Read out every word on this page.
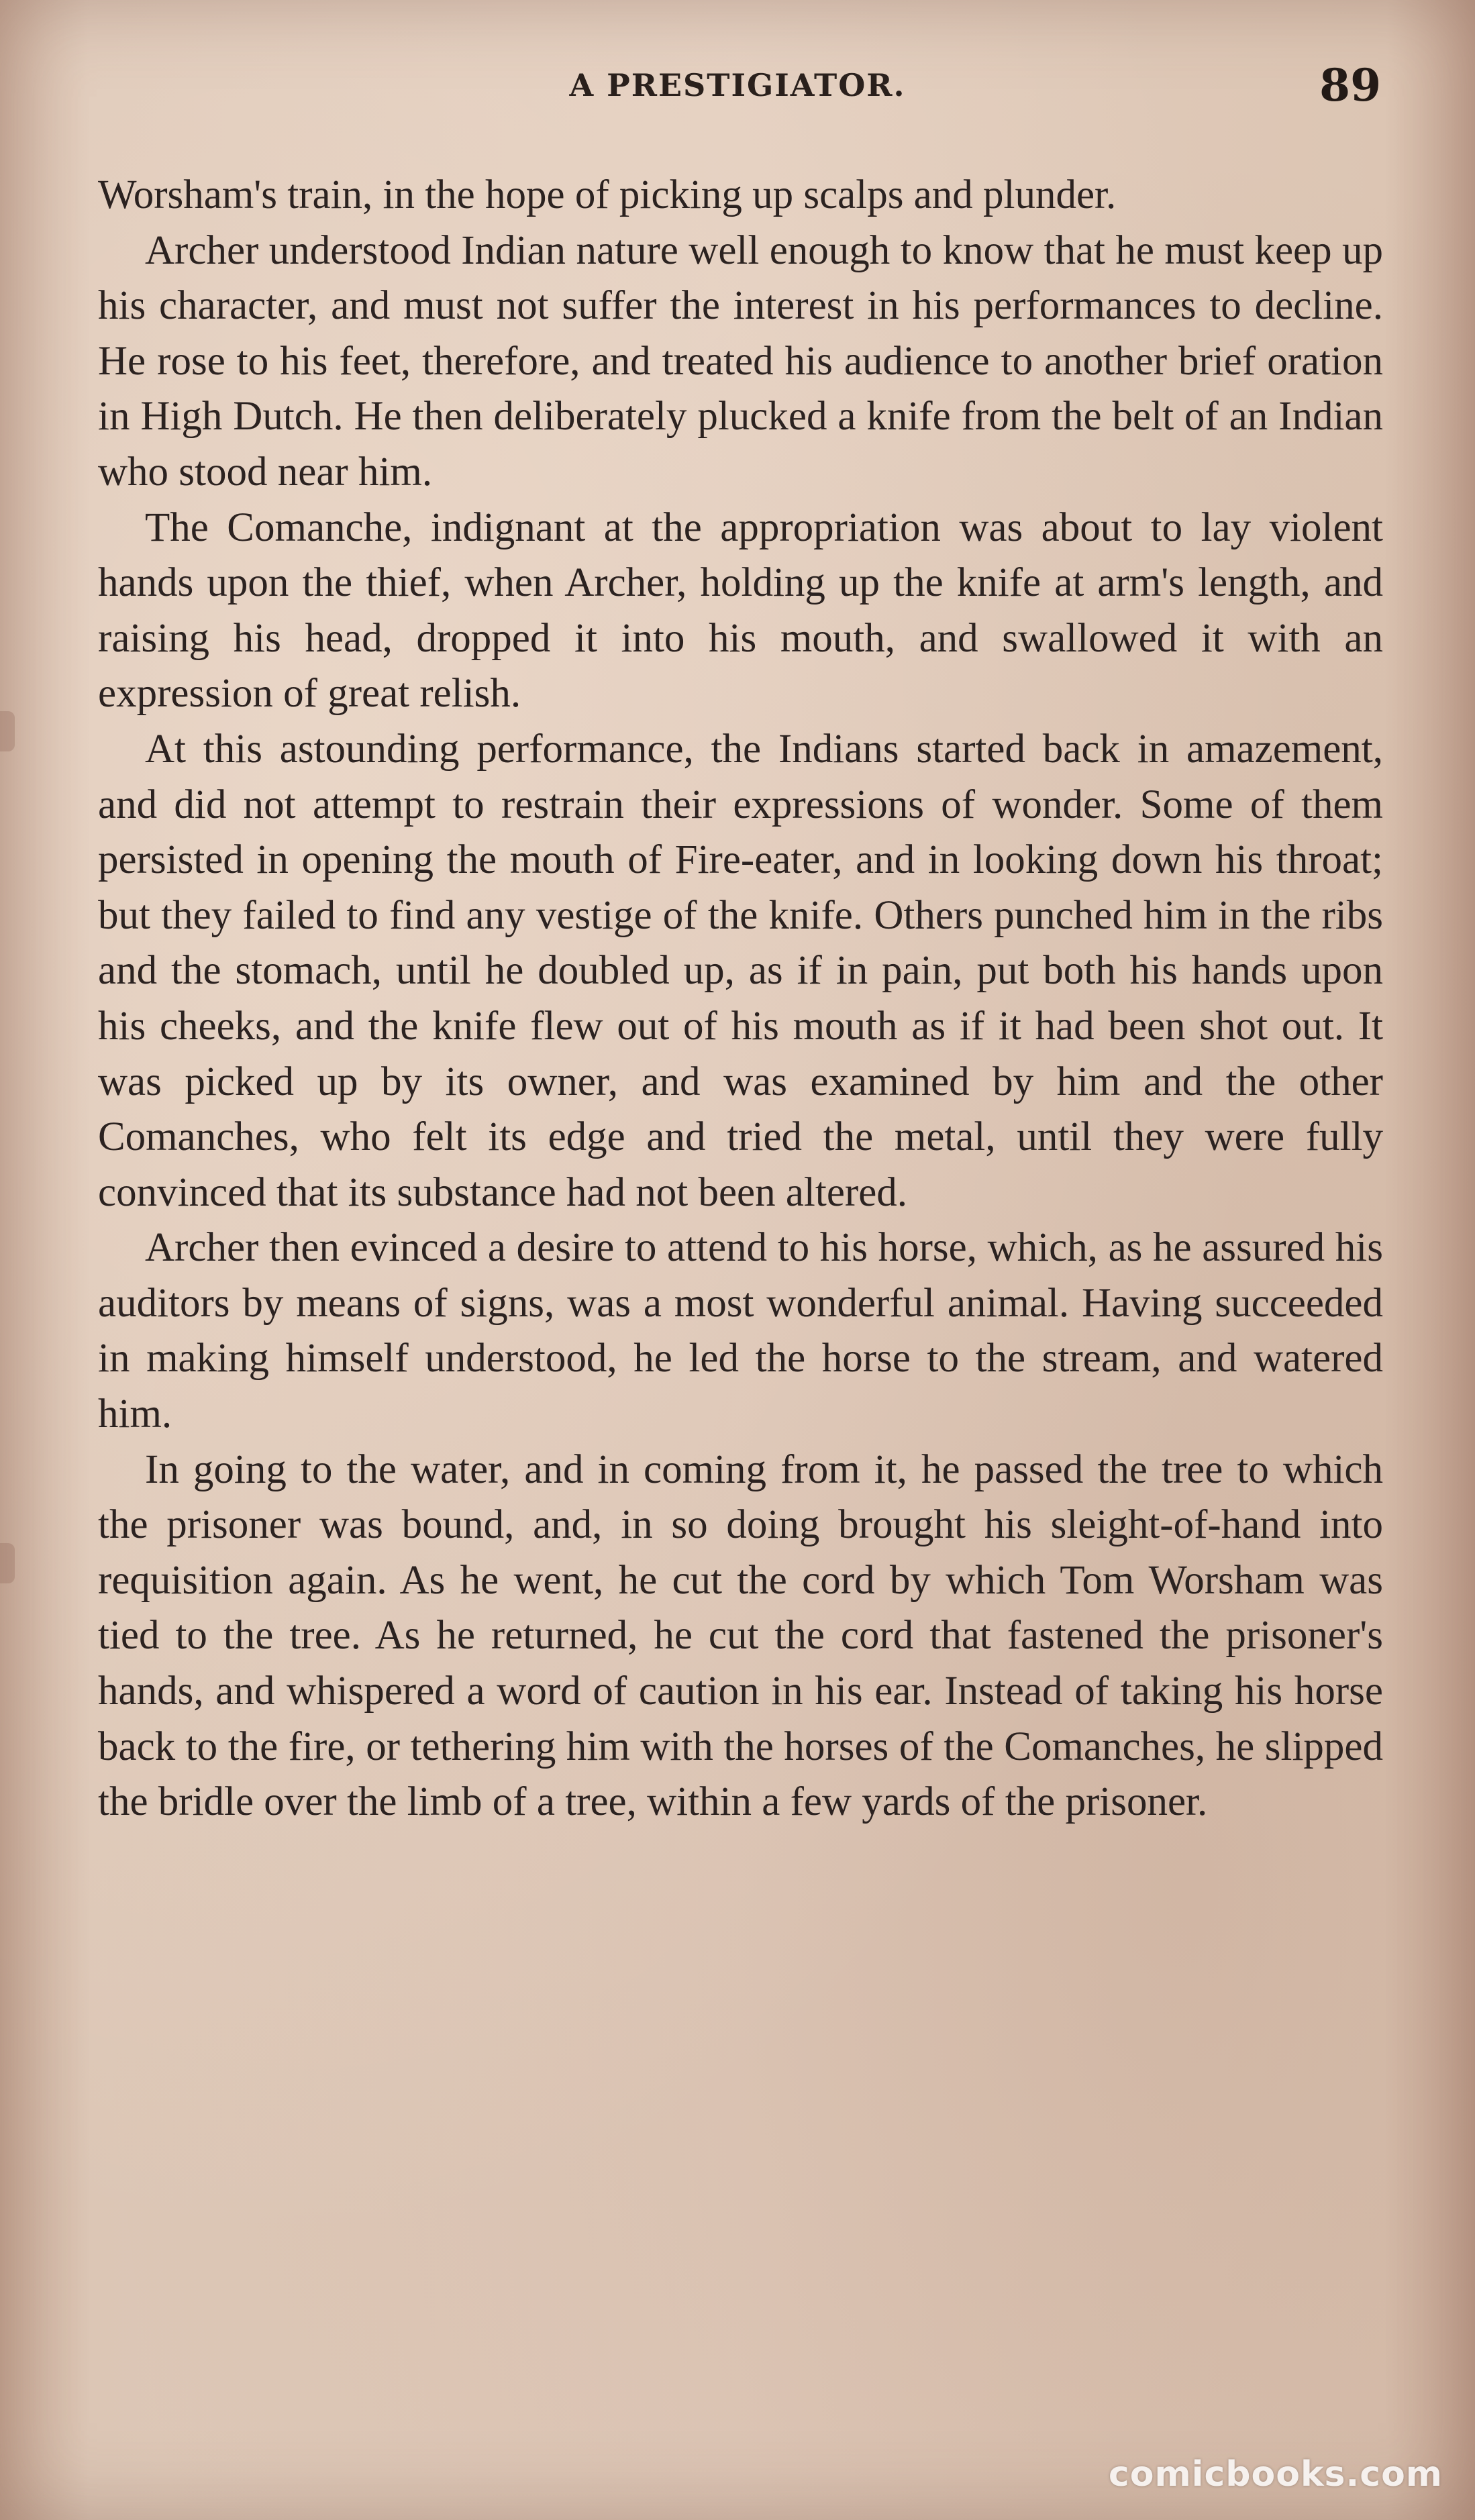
A PRESTIGIATOR.	89

Worsham's train, in the hope of picking up scalps and plunder.

Archer understood Indian nature well enough to know that he must keep up his character, and must not suffer the interest in his performances to decline. He rose to his feet, therefore, and treated his audience to another brief oration in High Dutch. He then deliberately plucked a knife from the belt of an Indian who stood near him.

The Comanche, indignant at the appropriation was about to lay violent hands upon the thief, when Archer, holding up the knife at arm's length, and raising his head, dropped it into his mouth, and swallowed it with an expression of great relish.

At this astounding performance, the Indians started back in amazement, and did not attempt to restrain their expressions of wonder. Some of them persisted in opening the mouth of Fire-eater, and in looking down his throat; but they failed to find any vestige of the knife. Others punched him in the ribs and the stomach, until he doubled up, as if in pain, put both his hands upon his cheeks, and the knife flew out of his mouth as if it had been shot out. It was picked up by its owner, and was examined by him and the other Comanches, who felt its edge and tried the metal, until they were fully convinced that its substance had not been altered.

Archer then evinced a desire to attend to his horse, which, as he assured his auditors by means of signs, was a most wonderful animal. Having succeeded in making himself understood, he led the horse to the stream, and watered him.

In going to the water, and in coming from it, he passed the tree to which the prisoner was bound, and, in so doing brought his sleight-of-hand into requisition again. As he went, he cut the cord by which Tom Worsham was tied to the tree. As he returned, he cut the cord that fastened the prisoner's hands, and whispered a word of caution in his ear. Instead of taking his horse back to the fire, or tethering him with the horses of the Comanches, he slipped the bridle over the limb of a tree, within a few yards of the prisoner.

comicbooks.com
